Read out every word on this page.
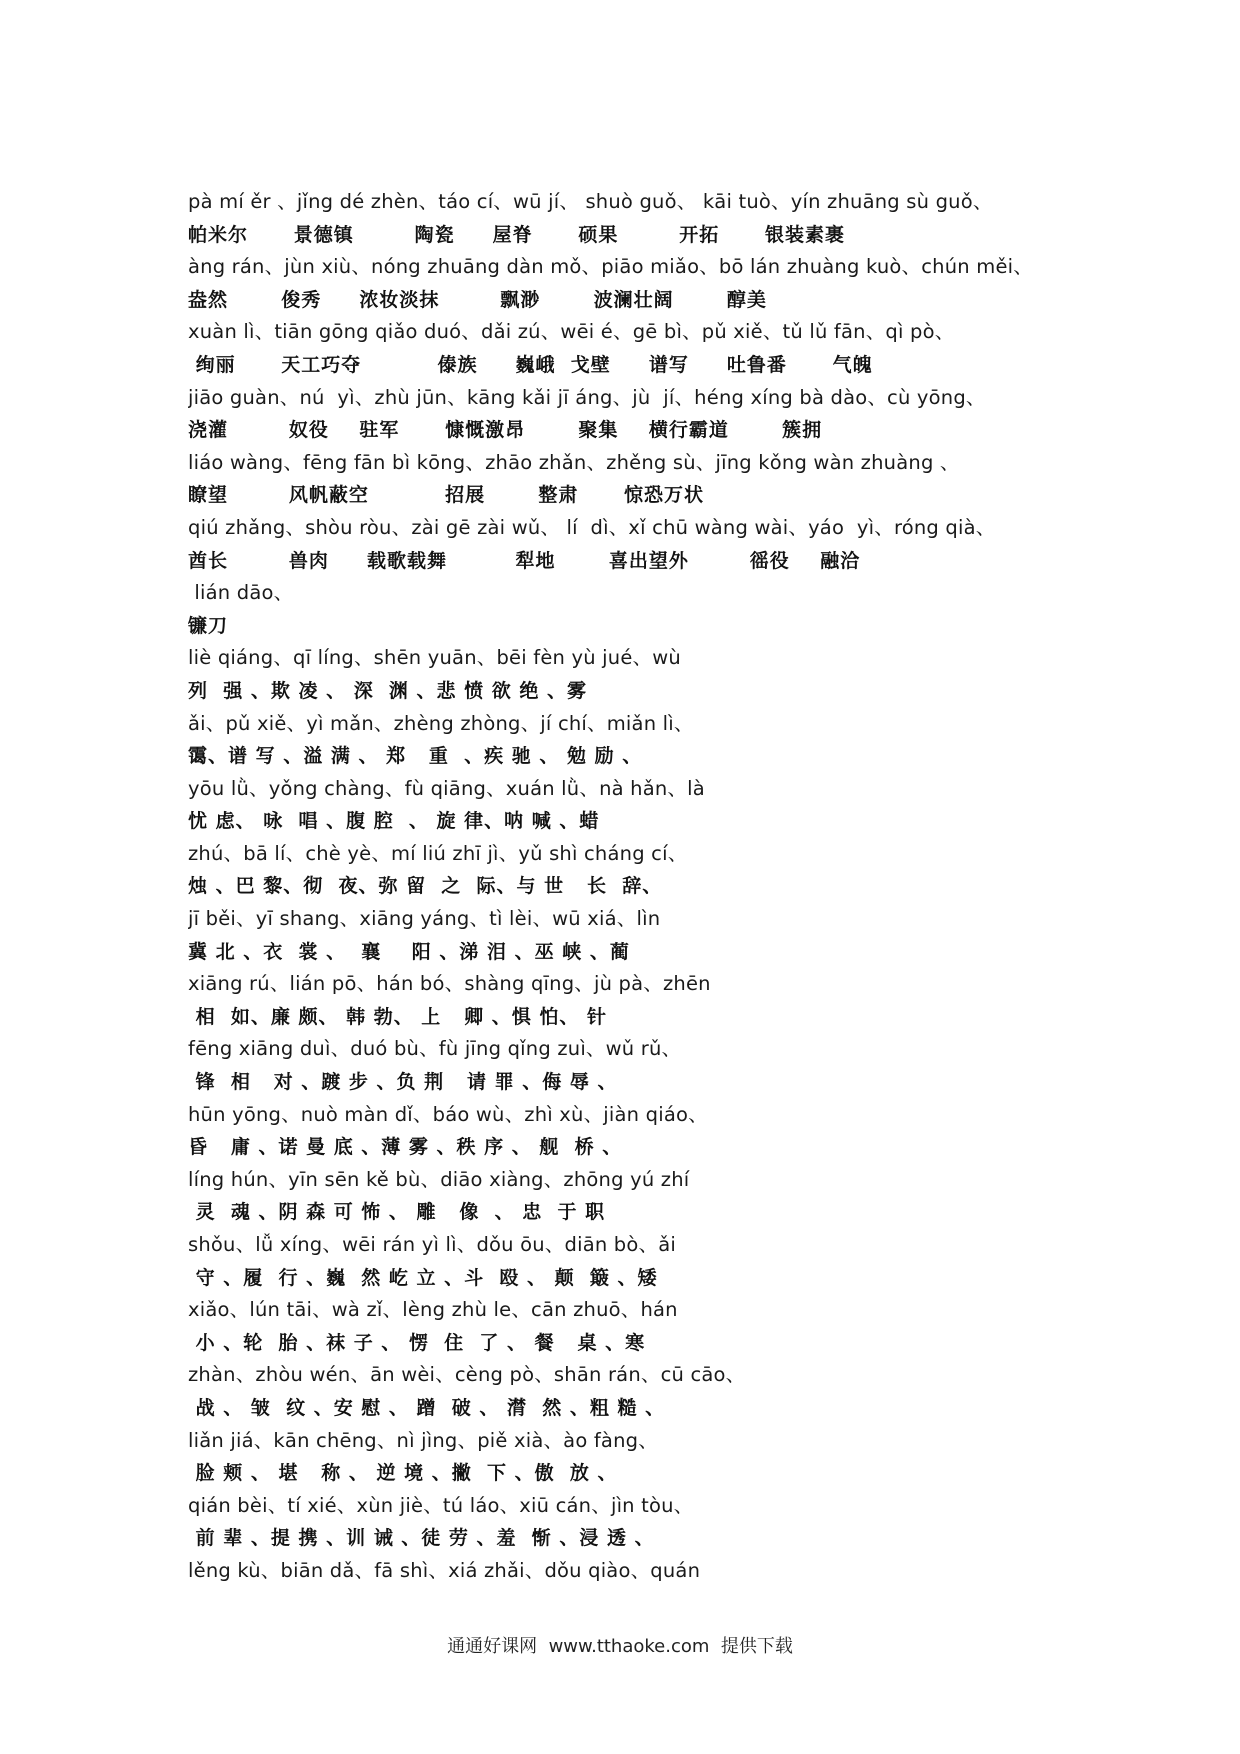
pà mí ěr 、jǐng dé zhèn、táo cí、wū jí、 shuò guǒ、 kāi tuò、yín zhuāng sù guǒ、
帕米尔      景德镇        陶瓷     屋脊      硕果        开拓      银装素裹
àng rán、jùn xiù、nóng zhuāng dàn mǒ、piāo miǎo、bō lán zhuàng kuò、chún měi、
盎然       俊秀     浓妆淡抹        飘渺       波澜壮阔       醇美
xuàn lì、tiān gōng qiǎo duó、dǎi zú、wēi é、gē bì、pǔ xiě、tǔ lǔ fān、qì pò、
绚丽      天工巧夺          傣族     巍峨  戈壁     谱写     吐鲁番      气魄
jiāo guàn、nú  yì、zhù jūn、kāng kǎi jī áng、jù  jí、héng xíng bà dào、cù yōng、
浇灌        奴役    驻军      慷慨激昂       聚集    横行霸道       簇拥
liáo wàng、fēng fān bì kōng、zhāo zhǎn、zhěng sù、jīng kǒng wàn zhuàng 、
瞭望        风帆蔽空          招展       整肃      惊恐万状
qiú zhǎng、shòu ròu、zài gē zài wǔ、 lí  dì、xǐ chū wàng wài、yáo  yì、róng qià、
酋长        兽肉     载歌载舞         犁地       喜出望外        徭役    融洽
lián dāo、
镰刀
liè qiáng、qī líng、shēn yuān、bēi fèn yù jué、wù
列  强 、欺 凌 、 深  渊 、悲 愤 欲 绝 、雾
ǎi、pǔ xiě、yì mǎn、zhèng zhòng、jí chí、miǎn lì、
霭、谱 写 、溢 满 、 郑   重  、疾 驰 、 勉 励 、
yōu lǜ、yǒng chàng、fù qiāng、xuán lǜ、nà hǎn、là
忧 虑、 咏  唱 、腹 腔  、 旋 律、呐 喊 、蜡
zhú、bā lí、chè yè、mí liú zhī jì、yǔ shì cháng cí、
烛 、巴 黎、彻  夜、弥 留  之  际、与 世   长  辞、
jī běi、yī shang、xiāng yáng、tì lèi、wū xiá、lìn
冀 北 、衣  裳 、  襄    阳 、涕 泪 、巫 峡 、蔺
xiāng rú、lián pō、hán bó、shàng qīng、jù pà、zhēn
相  如、廉 颇、 韩 勃、 上   卿 、惧 怕、 针
fēng xiāng duì、duó bù、fù jīng qǐng zuì、wǔ rǔ、
锋  相   对 、踱 步 、负 荆   请 罪 、侮 辱 、
hūn yōng、nuò màn dǐ、báo wù、zhì xù、jiàn qiáo、
昏   庸 、诺 曼 底 、薄 雾 、秩 序 、 舰  桥 、
líng hún、yīn sēn kě bù、diāo xiàng、zhōng yú zhí
灵  魂 、阴 森 可 怖 、 雕   像  、 忠  于 职
shǒu、lǚ xíng、wēi rán yì lì、dǒu ōu、diān bò、ǎi
守 、履  行 、巍  然 屹 立 、斗  殴 、 颠  簸 、矮
xiǎo、lún tāi、wà zǐ、lèng zhù le、cān zhuō、hán
小 、轮  胎 、袜 子 、 愣  住  了 、 餐   桌 、寒
zhàn、zhòu wén、ān wèi、cèng pò、shān rán、cū cāo、
战 、 皱  纹 、安 慰 、 蹭  破 、 潸  然 、粗 糙 、
liǎn jiá、kān chēng、nì jìng、piě xià、ào fàng、
脸 颊 、 堪   称 、 逆 境 、撇  下 、傲  放 、
qián bèi、tí xié、xùn jiè、tú láo、xiū cán、jìn tòu、
前 辈 、提 携 、训 诫 、徒 劳 、羞  惭 、浸 透 、
lěng kù、biān dǎ、fā shì、xiá zhǎi、dǒu qiào、quán
通通好课网  www.tthaoke.com  提供下载
